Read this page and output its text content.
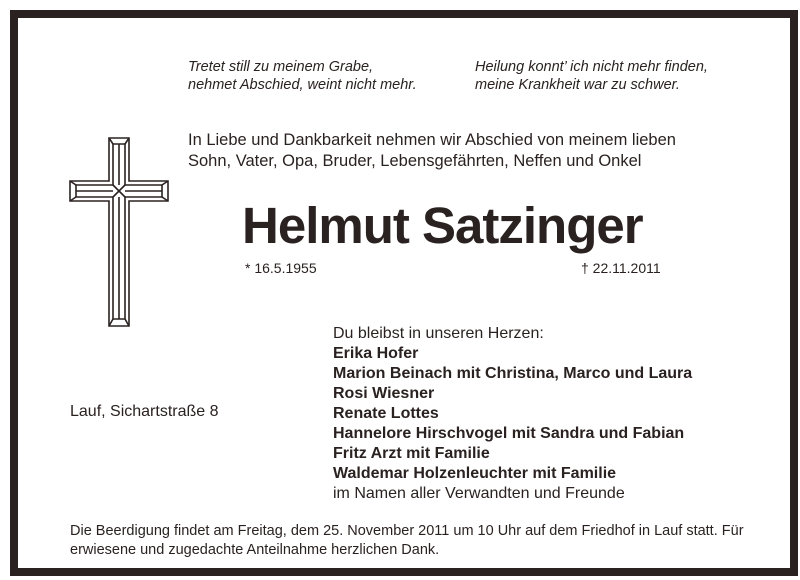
Tretet still zu meinem Grabe,
nehmet Abschied, weint nicht mehr.
Heilung konnt’ ich nicht mehr finden,
meine Krankheit war zu schwer.
In Liebe und Dankbarkeit nehmen wir Abschied von meinem lieben
Sohn, Vater, Opa, Bruder, Lebensgefährten, Neffen und Onkel
Helmut Satzinger
* 16.5.1955	† 22.11.2011
Du bleibst in unseren Herzen:
Erika Hofer
Marion Beinach mit Christina, Marco und Laura
Rosi Wiesner
Renate Lottes
Hannelore Hirschvogel mit Sandra und Fabian
Fritz Arzt mit Familie
Waldemar Holzenleuchter mit Familie
im Namen aller Verwandten und Freunde
Lauf, Sichartstraße 8
Die Beerdigung findet am Freitag, dem 25. November 2011 um 10 Uhr auf dem Friedhof in Lauf statt. Für erwiesene und zugedachte Anteilnahme herzlichen Dank.
